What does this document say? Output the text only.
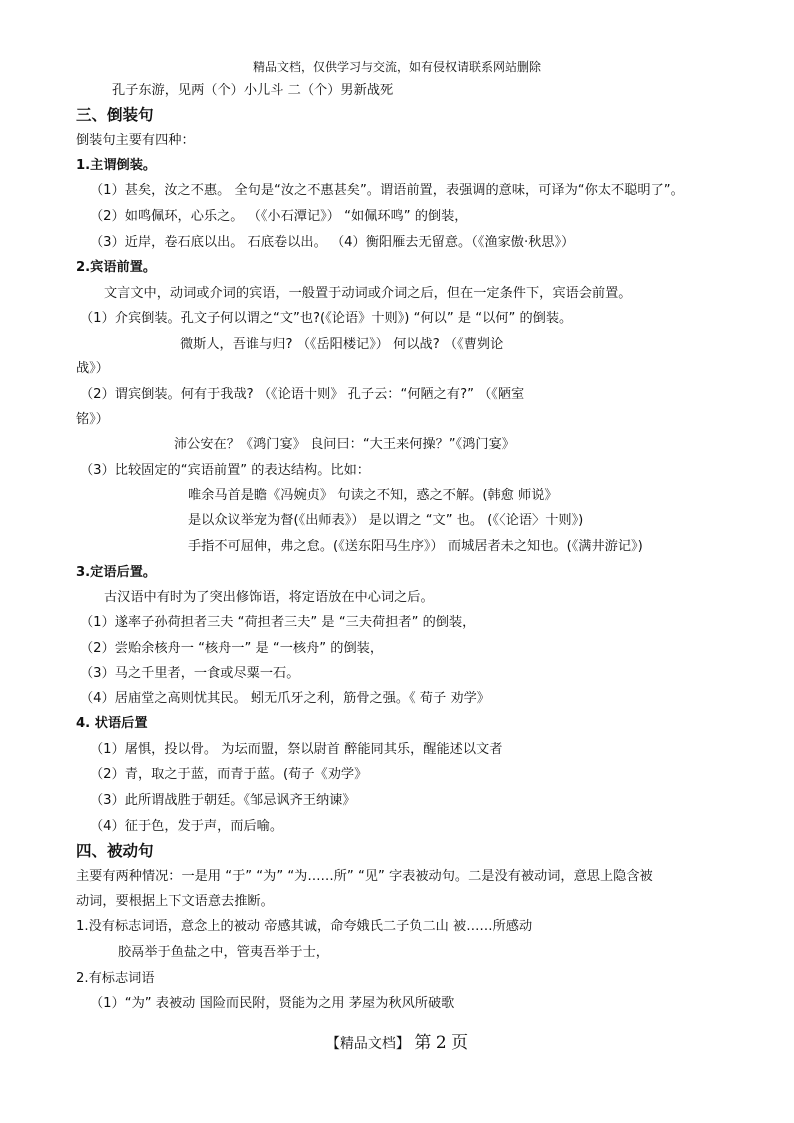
精品文档，仅供学习与交流，如有侵权请联系网站删除
孔子东游，见两（个）小儿斗 二（个）男新战死
三、倒装句
倒装句主要有四种：
1.主谓倒装。
（1）甚矣，汝之不惠。 全句是“汝之不惠甚矣”。谓语前置，表强调的意味，可译为“你太不聪明了”。
（2）如鸣佩环，心乐之。 （《小石潭记》） “如佩环鸣” 的倒装，
（3）近岸，卷石底以出。 石底卷以出。 （4）衡阳雁去无留意。（《渔家傲·秋思》）
2.宾语前置。
文言文中，动词或介词的宾语，一般置于动词或介词之后，但在一定条件下，宾语会前置。
（1）介宾倒装。孔文子何以谓之“文”也?(《论语》十则》) “何以” 是 “以何” 的倒装。
微斯人，吾谁与归? （《岳阳楼记》） 何以战? （《曹刿论
战》）
（2）谓宾倒装。何有于我哉? （《论语十则》 孔子云：“何陋之有?” （《陋室
铭》）
沛公安在？《鸿门宴》 良问曰：“大王来何操？”《鸿门宴》
（3）比较固定的“宾语前置” 的表达结构。比如：
唯余马首是瞻《冯婉贞》 句读之不知，惑之不解。(韩愈 师说》
是以众议举宠为督(《出师表》） 是以谓之 “文” 也。 (《〈论语〉十则》)
手指不可屈伸，弗之怠。(《送东阳马生序》） 而城居者未之知也。(《满井游记》)
3.定语后置。
古汉语中有时为了突出修饰语，将定语放在中心词之后。
（1）遂率子孙荷担者三夫 “荷担者三夫” 是 “三夫荷担者” 的倒装，
（2）尝贻余核舟一 “核舟一” 是 “一核舟” 的倒装，
（3）马之千里者，一食或尽粟一石。
（4）居庙堂之高则忧其民。 蚓无爪牙之利，筋骨之强。《 荀子 劝学》
4. 状语后置
（1）屠惧，投以骨。 为坛而盟，祭以尉首 醉能同其乐，醒能述以文者
（2）青，取之于蓝，而青于蓝。(荀子《劝学》
（3）此所谓战胜于朝廷。《邹忌讽齐王纳谏》
（4）征于色，发于声，而后喻。
四、被动句
主要有两种情况：一是用 “于” “为” “为……所” “见” 字表被动句。二是没有被动词，意思上隐含被
动词，要根据上下文语意去推断。
1.没有标志词语，意念上的被动 帝感其诚，命夸娥氏二子负二山 被……所感动
胶鬲举于鱼盐之中，管夷吾举于士，
2.有标志词语
（1）“为” 表被动 国险而民附，贤能为之用 茅屋为秋风所破歌
【精品文档】 第 2 页
